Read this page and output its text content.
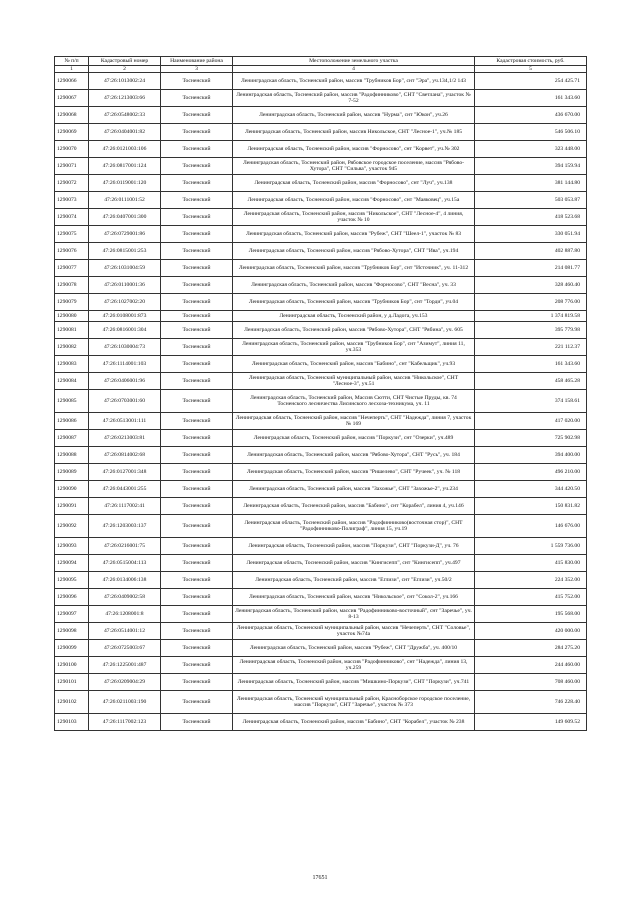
№ п/п	Кадастровый номер	Наименование района	Местоположение земельного участка	Кадастровая стоимость, руб.
1	2	3	4	5
1290066	47:26:1013002:24	Тосненский	Ленинградская область, Тосненский район, массив "Трубников Бор", снт "Эра", уч.134,1/2 143	254 425.71
1290067	47:26:1213003:66	Тосненский	Ленинградская область, Тосненский район, массив "Радофинниково", СНТ "Светлана", участок № 7-52	161 343.60
1290068	47:26:0548002:33	Тосненский	Ленинградская область, Тосненский район, массив "Нурма", снт "Юкон", уч.26	436 670.00
1290069	47:26:0404001:82	Тосненский	Ленинградская область, Тосненский район, массив Никольское, СНТ "Лесное-1", уч.№ 185	546 506.10
1290070	47:26:0121003:106	Тосненский	Ленинградская область, Тосненский район, массив "Форносово", снт "Корвет", уч.№ 302	323 448.00
1290071	47:26:0817001:124	Тосненский	Ленинградская область, Тосненский район, Рябовское городское поселение, массив "Рябово-Хутора", СНТ "Сильва", участок 945	394 159.94
1290072	47:26:0119001:120	Тосненский	Ленинградская область, Тосненский район, массив "Форносово", снт "Луч", уч.138	381 144.80
1290073	47:26:0111001:52	Тосненский	Ленинградская область, Тосненский район, массив "Форносово", снт "Маяковец", уч.15а	503 053.87
1290074	47:26:0407001:300	Тосненский	Ленинградская область, Тосненский район, массив "Никольское", СНТ "Лесное-4", 4 линия, участок № 10	418 523.68
1290075	47:26:0729001:86	Тосненский	Ленинградская область, Тосненский район, массив "Рубеж", СНТ "Шеел-1", участок № 83	330 051.94
1290076	47:26:0815001:253	Тосненский	Ленинградская область, Тосненский район, массив "Рябово-Хутора", СНТ "Ива", уч.194	402 887.80
1290077	47:26:1031004:59	Тосненский	Ленинградская область, Тосненский район, массив "Трубников Бор", снт "Источник", уч. 11-312	214 081.77
1290078	47:26:0110001:36	Тосненский	Ленинградская область, Тосненский район, массив "Форносово", СНТ "Весна", уч. 33	328 460.40
1290079	47:26:1027002:20	Тосненский	Ленинградская область, Тосненский район, массив "Трубников Бор", снт "Торди", уч.04	208 776.00
1290080	47:26:0108001:873	Тосненский	Ленинградская область, Тосненский район, у д.Ладога, уч.153	1 374 819.58
1290081	47:26:0816001:304	Тосненский	Ленинградская область, Тосненский район, массив "Рябово-Хутора", СНТ "Рябина", уч. 605	395 779.98
1290082	47:26:1030004:73	Тосненский	Ленинградская область, Тосненский район, массив "Трубников Бор", снт "Азимут", линия 11, уч.353	221 112.37
1290083	47:26:1114001:103	Тосненский	Ленинградская область, Тосненский район, массив "Бабино", снт "Кабельщик", уч.93	161 343.60
1290084	47:26:0406001:96	Тосненский	Ленинградская область, Тосненский муниципальный район, массив "Никольское", СНТ "Лесное-3", уч.51	458 465.28
1290085	47:26:0703001:60	Тосненский	Ленинградская область, Тосненский район, Массив Сютти, СНТ Чистые Пруды, кв. 74 Тосненского лесничества Лисинского лесхоза-техникума, уч. 11	374 158.61
1290086	47:26:0513001:111	Тосненский	Ленинградская область, Тосненский район, массив "Нечеперть", СНТ "Надежда", линия 7, участок № 169	417 020.00
1290087	47:26:0213003:81	Тосненский	Ленинградская область, Тосненский район, массив "Поркузи", снт "Озерки", уч.489	725 902.98
1290088	47:26:0814002:68	Тосненский	Ленинградская область, Тосненский район, массив "Рябово-Хутора", СНТ "Русь", уч. 184	394 400.00
1290089	47:26:0127001:348	Тосненский	Ленинградская область, Тосненский район, массив "Ришелево", СНТ "Ручеек", уч. № 118	496 210.00
1290090	47:26:0443001:255	Тосненский	Ленинградская область, Тосненский район, массив "Захожье", СНТ "Захожье-2", уч.234	344 420.50
1290091	47:26:1117002:41	Тосненский	Ленинградская область, Тосненский район, массив "Бабино", снт "Корабел", линия 4, уч.146	150 831.82
1290092	47:26:1203003:137	Тосненский	Ленинградская область, Тосненский район, массив "Радофинниково(восточная стор)", СНТ "Радофинниково-Полиграф", линия 15, уч.19	146 676.00
1290093	47:26:0216001:75	Тосненский	Ленинградская область, Тосненский район, массив "Поркузи", СНТ "Поркузи-Д", уч. 76	1 559 736.00
1290094	47:26:0515004:113	Тосненский	Ленинградская область, Тосненский район, массив "Кингисепп", снт "Кингисепп", уч.497	415 830.00
1290095	47:26:0134006:138	Тосненский	Ленинградская область, Тосненский район, массив "Еглизи", снт "Еглизи", уч.50/2	224 352.00
1290096	47:26:0409002:58	Тосненский	Ленинградская область, Тосненский район, массив "Никольское", снт "Сокол-2", уч.166	415 752.00
1290097	47:26:1208001:8	Тосненский	Ленинградская область, Тосненский район, массив "Радофинниково-восточный", снт "Заречье", уч. 8-13	195 568.00
1290098	47:26:0514001:12	Тосненский	Ленинградская область, Тосненский муниципальный район, массив "Нечеперть", СНТ "Соловье", участок №74а	420 000.00
1290099	47:26:0725003:67	Тосненский	Ленинградская область, Тосненский район, массив "Рубеж", СНТ "Дружба", уч. 400/10	284 275.20
1290100	47:26:1225001:487	Тосненский	Ленинградская область, Тосненский район, массив "Радофинниково", снт "Надежда", линия 13, уч.259	244 460.00
1290101	47:26:0209004:29	Тосненский	Ленинградская область, Тосненский район, массив "Мишкино-Поркузи", СНТ "Поркузи", уч.741	708 460.00
1290102	47:26:0211003:190	Тосненский	Ленинградская область, Тосненский муниципальный район, Красноборское городское поселение, массив "Поркузи", СНТ "Заречье", участок № 373	746 228.40
1290103	47:26:1117002:123	Тосненский	Ленинградская область, Тосненский район, массив "Бабино", СНТ "Корабел", участок № 238	149 609.52
17651
